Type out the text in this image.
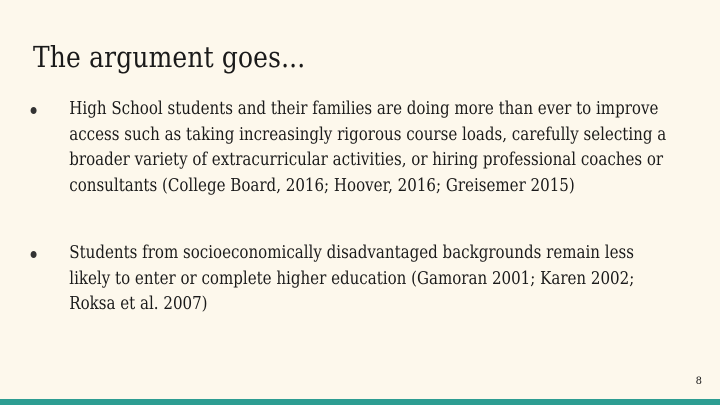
The argument goes...
High School students and their families are doing more than ever to improve
access such as taking increasingly rigorous course loads, carefully selecting a
broader variety of extracurricular activities, or hiring professional coaches or
consultants (College Board, 2016; Hoover, 2016; Greisemer 2015)
Students from socioeconomically disadvantaged backgrounds remain less
likely to enter or complete higher education (Gamoran 2001; Karen 2002;
Roksa et al. 2007)
8
